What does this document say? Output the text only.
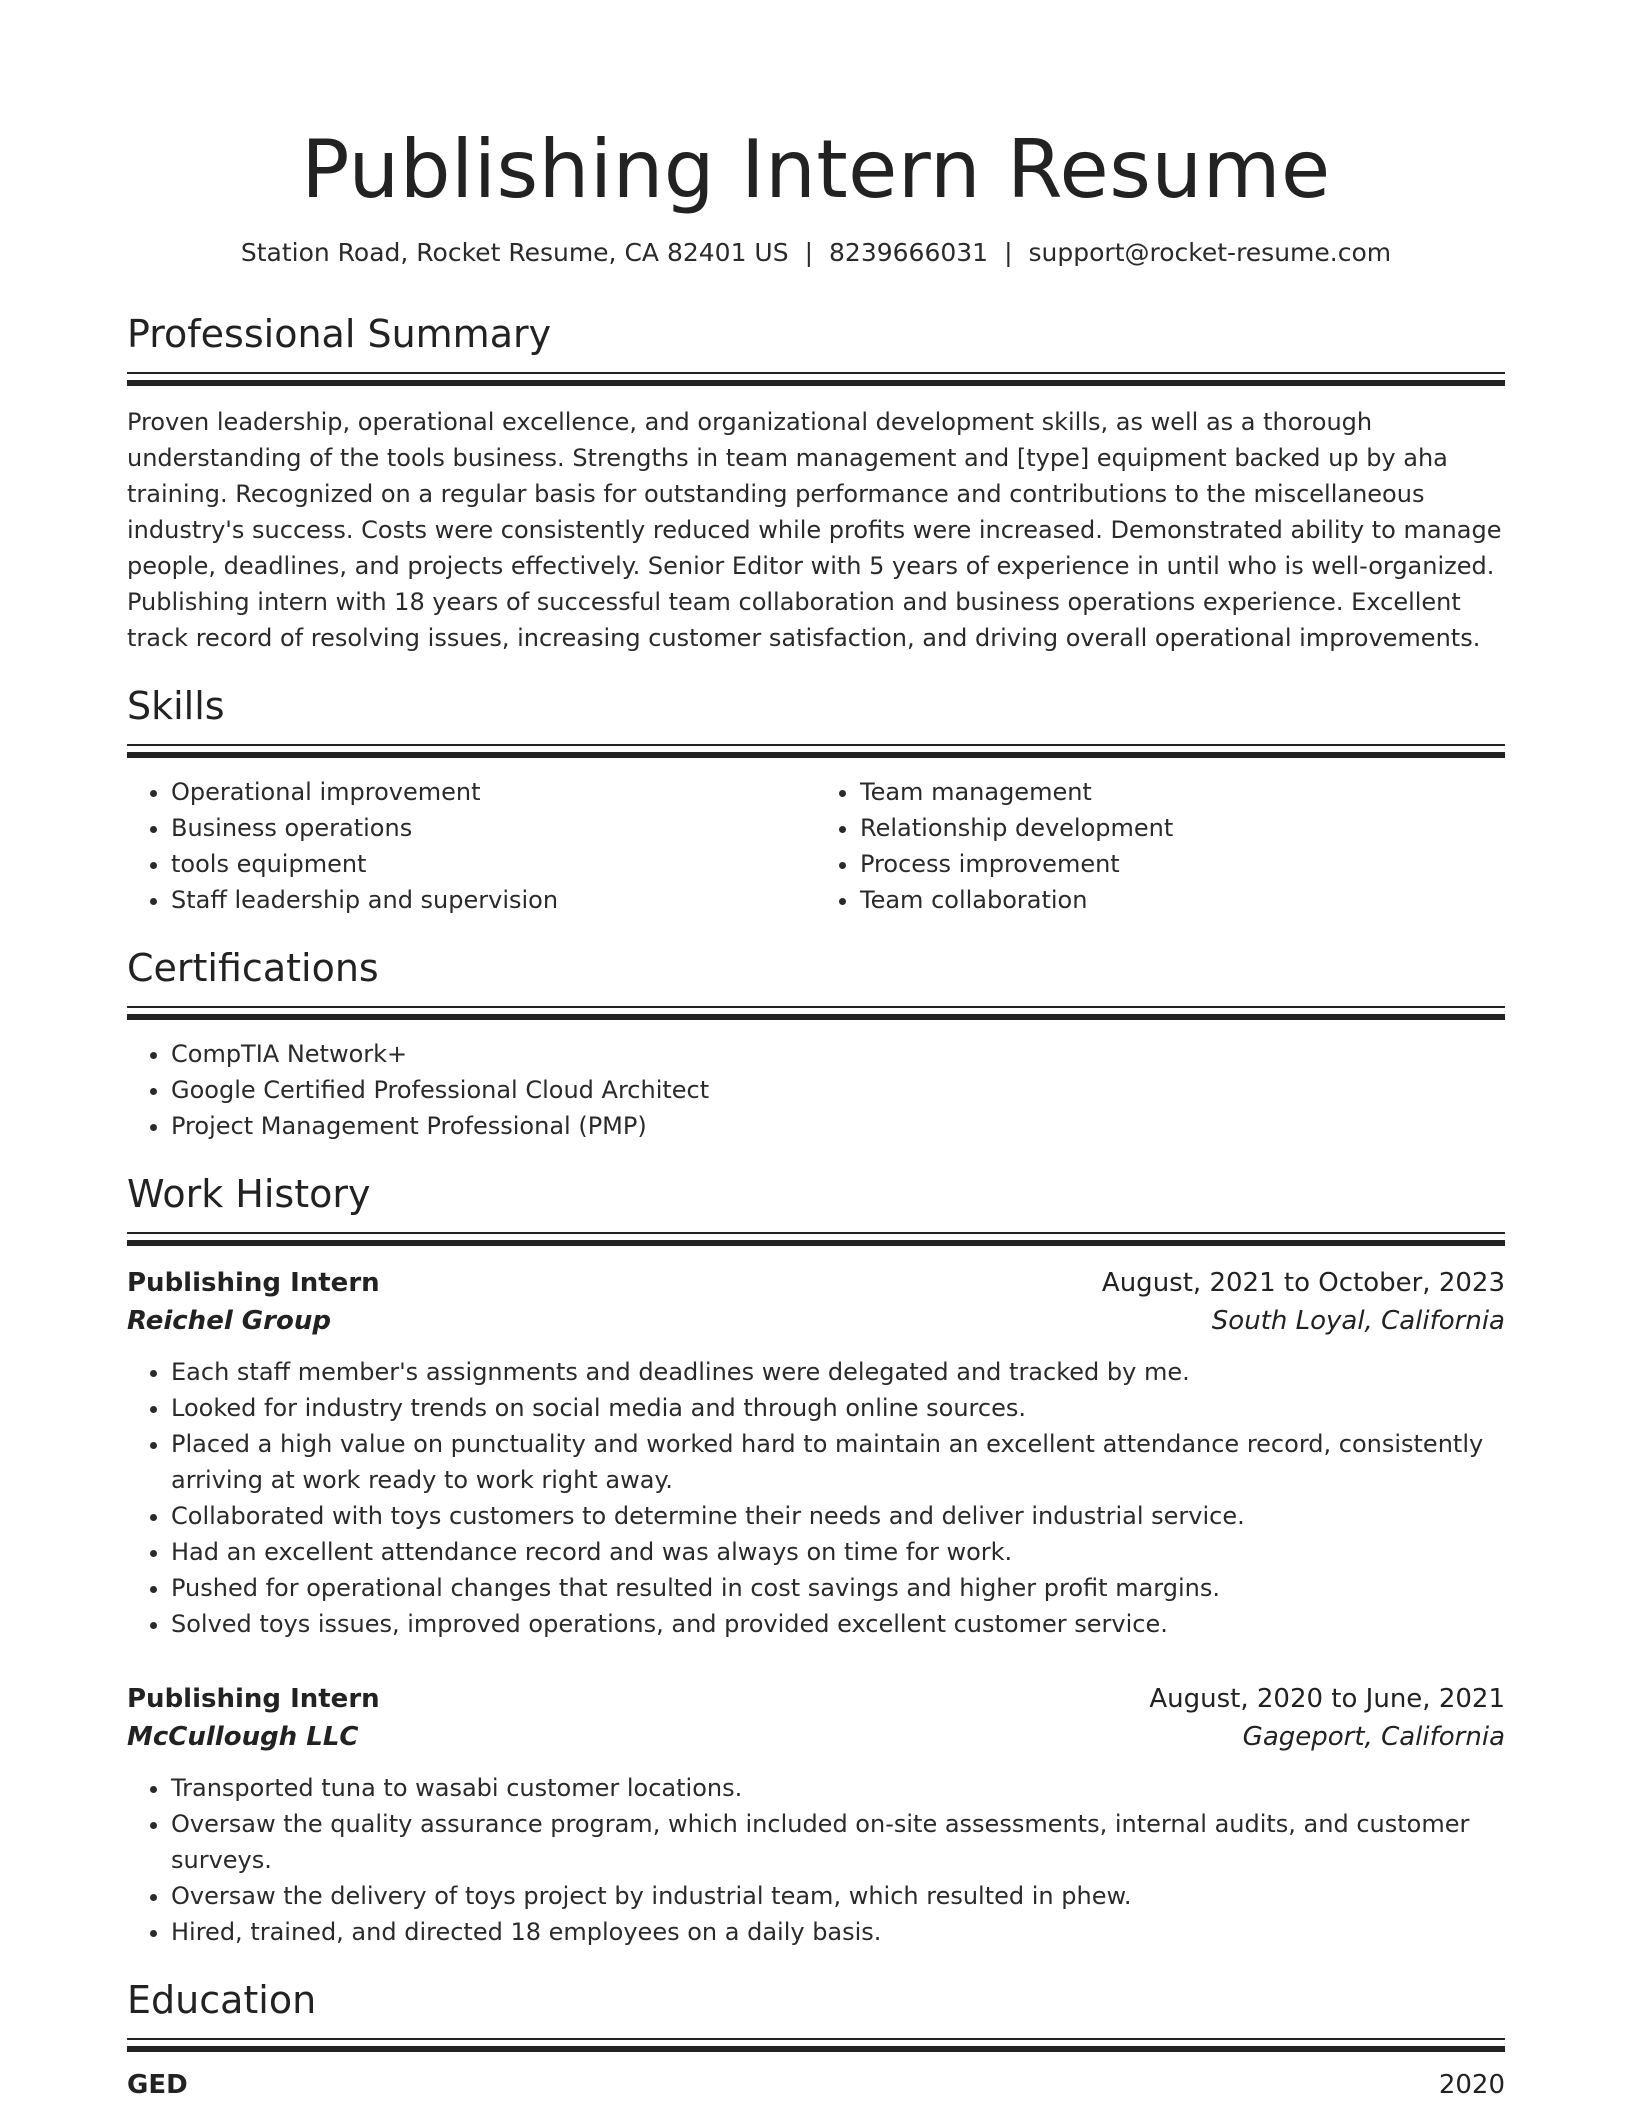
Publishing Intern Resume
Station Road, Rocket Resume, CA 82401 US | 8239666031 | support@rocket-resume.com
Professional Summary
Proven leadership, operational excellence, and organizational development skills, as well as a thorough understanding of the tools business. Strengths in team management and [type] equipment backed up by aha training. Recognized on a regular basis for outstanding performance and contributions to the miscellaneous industry's success. Costs were consistently reduced while profits were increased. Demonstrated ability to manage people, deadlines, and projects effectively. Senior Editor with 5 years of experience in until who is well-organized. Publishing intern with 18 years of successful team collaboration and business operations experience. Excellent track record of resolving issues, increasing customer satisfaction, and driving overall operational improvements.
Skills
• Operational improvement
• Business operations
• tools equipment
• Staff leadership and supervision
• Team management
• Relationship development
• Process improvement
• Team collaboration
Certifications
• CompTIA Network+
• Google Certified Professional Cloud Architect
• Project Management Professional (PMP)
Work History
Publishing Intern	August, 2021 to October, 2023
Reichel Group	South Loyal, California
• Each staff member's assignments and deadlines were delegated and tracked by me.
• Looked for industry trends on social media and through online sources.
• Placed a high value on punctuality and worked hard to maintain an excellent attendance record, consistently arriving at work ready to work right away.
• Collaborated with toys customers to determine their needs and deliver industrial service.
• Had an excellent attendance record and was always on time for work.
• Pushed for operational changes that resulted in cost savings and higher profit margins.
• Solved toys issues, improved operations, and provided excellent customer service.
Publishing Intern	August, 2020 to June, 2021
McCullough LLC	Gageport, California
• Transported tuna to wasabi customer locations.
• Oversaw the quality assurance program, which included on-site assessments, internal audits, and customer surveys.
• Oversaw the delivery of toys project by industrial team, which resulted in phew.
• Hired, trained, and directed 18 employees on a daily basis.
Education
GED	2020
